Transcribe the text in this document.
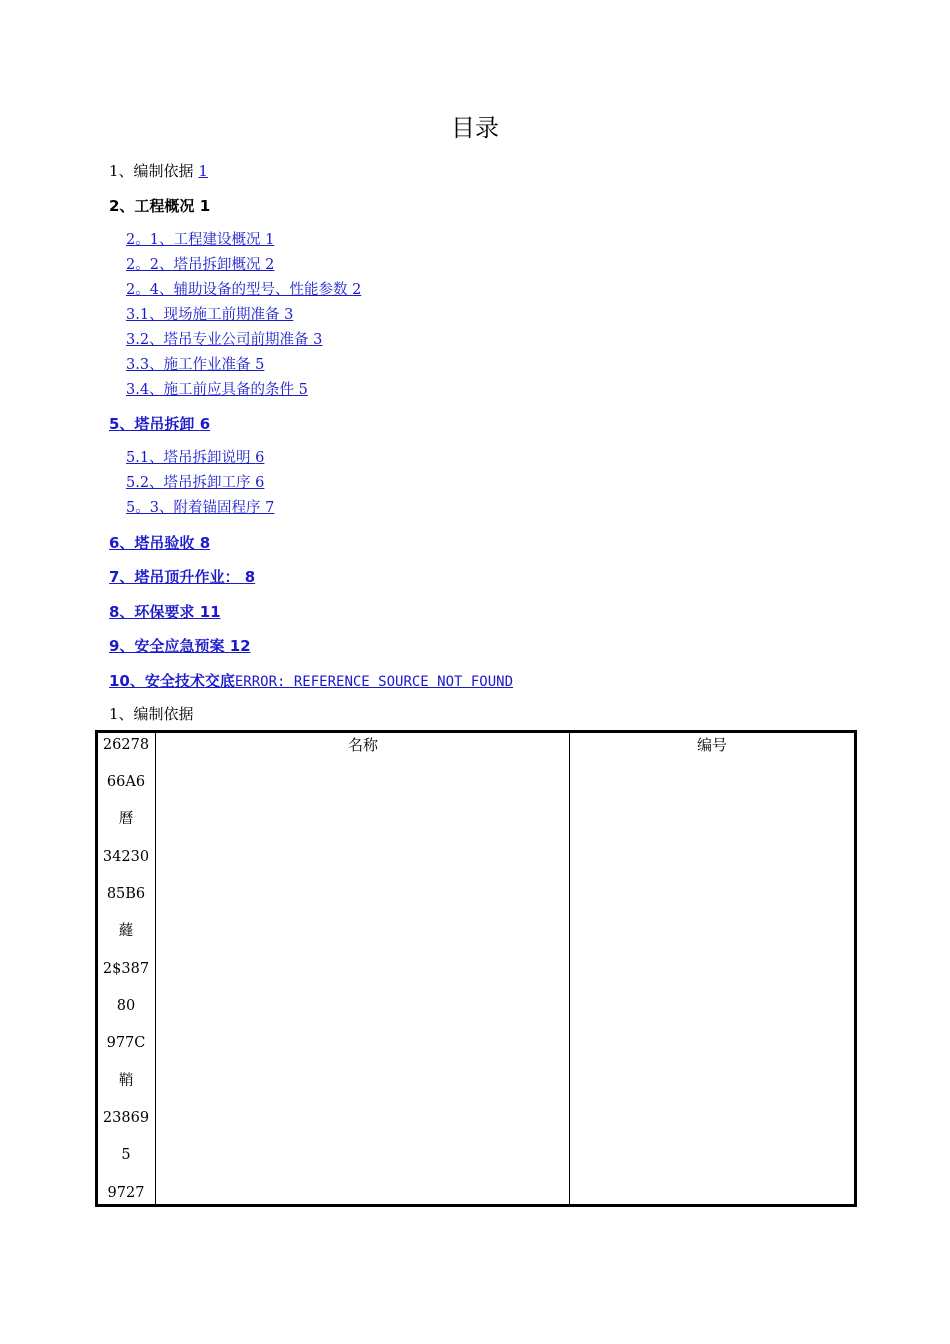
目录
1、编制依据 1
2、工程概况 1
2。1、工程建设概况 1
2。2、塔吊拆卸概况 2
2。4、辅助设备的型号、性能参数 2
3.1、现场施工前期准备 3
3.2、塔吊专业公司前期准备 3
3.3、施工作业准备 5
3.4、施工前应具备的条件 5
5、塔吊拆卸 6
5.1、塔吊拆卸说明 6
5.2、塔吊拆卸工序 6
5。3、附着锚固程序 7
6、塔吊验收 8
7、塔吊顶升作业： 8
8、环保要求 11
9、安全应急预案 12
10、安全技术交底ERROR: REFERENCE SOURCE NOT FOUND
1、编制依据
名称	编号
26278
66A6
曆
34230
85B6
蘕
2$387
80
977C
鞘
23869
5
9727
